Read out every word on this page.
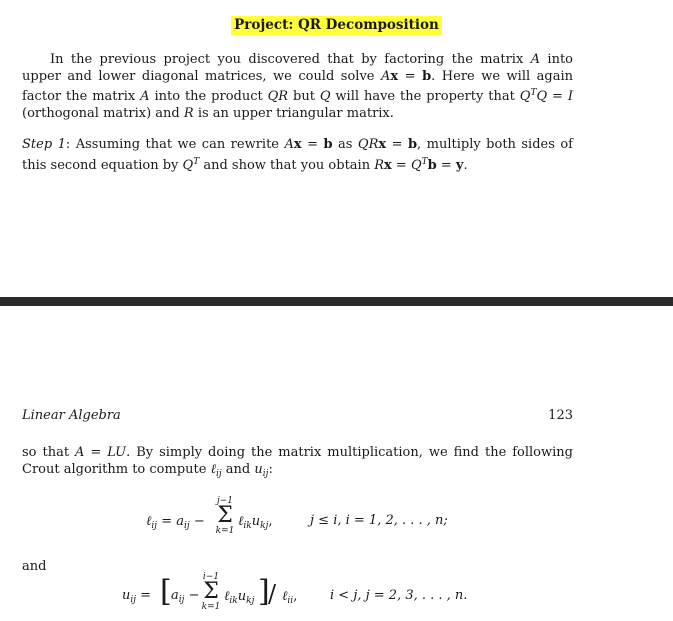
Project: QR Decomposition

In the previous project you discovered that by factoring the matrix A into upper and lower diagonal matrices, we could solve Ax = b. Here we will again factor the matrix A into the product QR but Q will have the property that $Q^TQ = I$ (orthogonal matrix) and R is an upper triangular matrix.

Step 1: Assuming that we can rewrite Ax = b as QRx = b, multiply both sides of this second equation by $Q^T$ and show that you obtain $Rx = Q^Tb = y$.

Linear Algebra	123

so that A = LU. By simply doing the matrix multiplication, we find the following Crout algorithm to compute ℓ$_{ij}$ and $u_{ij}$:

ℓ$_{ij}$ = $a_{ij}$ −
j−1
Σ
k=1
$\ell_{ik}u_{kj}$,	j ≤ i, i = 1, 2, . . . , n;
and
$u_{ij}$ = [ $a_{ij}$ −
i−1
Σ
k=1
$\ell_{ik}u_{kj}$ ]
/ ℓ$_{ii}$,	i < j, j = 2, 3, . . . , n.
